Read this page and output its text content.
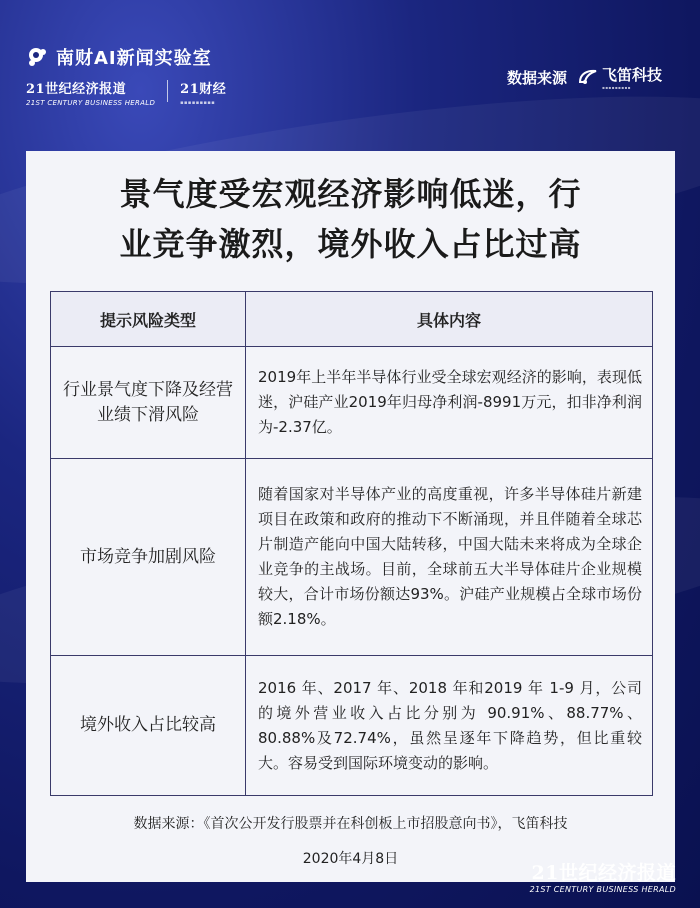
南财AI新闻实验室
21世纪经济报道
21ST CENTURY BUSINESS HERALD
21财经
▪▪▪▪▪▪▪▪▪
数据来源 飞笛科技
▪▪▪▪▪▪▪▪▪
景气度受宏观经济影响低迷，行
业竞争激烈，境外收入占比过高
提示风险类型	具体内容
行业景气度下降及经营业绩下滑风险	2019年上半年半导体行业受全球宏观经济的影响，表现低迷，沪硅产业2019年归母净利润-8991万元，扣非净利润为-2.37亿。
市场竞争加剧风险	随着国家对半导体产业的高度重视，许多半导体硅片新建项目在政策和政府的推动下不断涌现，并且伴随着全球芯片制造产能向中国大陆转移，中国大陆未来将成为全球企业竞争的主战场。目前，全球前五大半导体硅片企业规模较大，合计市场份额达93%。沪硅产业规模占全球市场份额2.18%。
境外收入占比较高	2016 年、2017 年、2018 年和2019 年 1-9 月，公司的境外营业收入占比分别为 90.91%、88.77%、80.88%及72.74%，虽然呈逐年下降趋势，但比重较大。容易受到国际环境变动的影响。
数据来源：《首次公开发行股票并在科创板上市招股意向书》，飞笛科技
2020年4月8日
21世纪经济报道
21ST CENTURY BUSINESS HERALD
